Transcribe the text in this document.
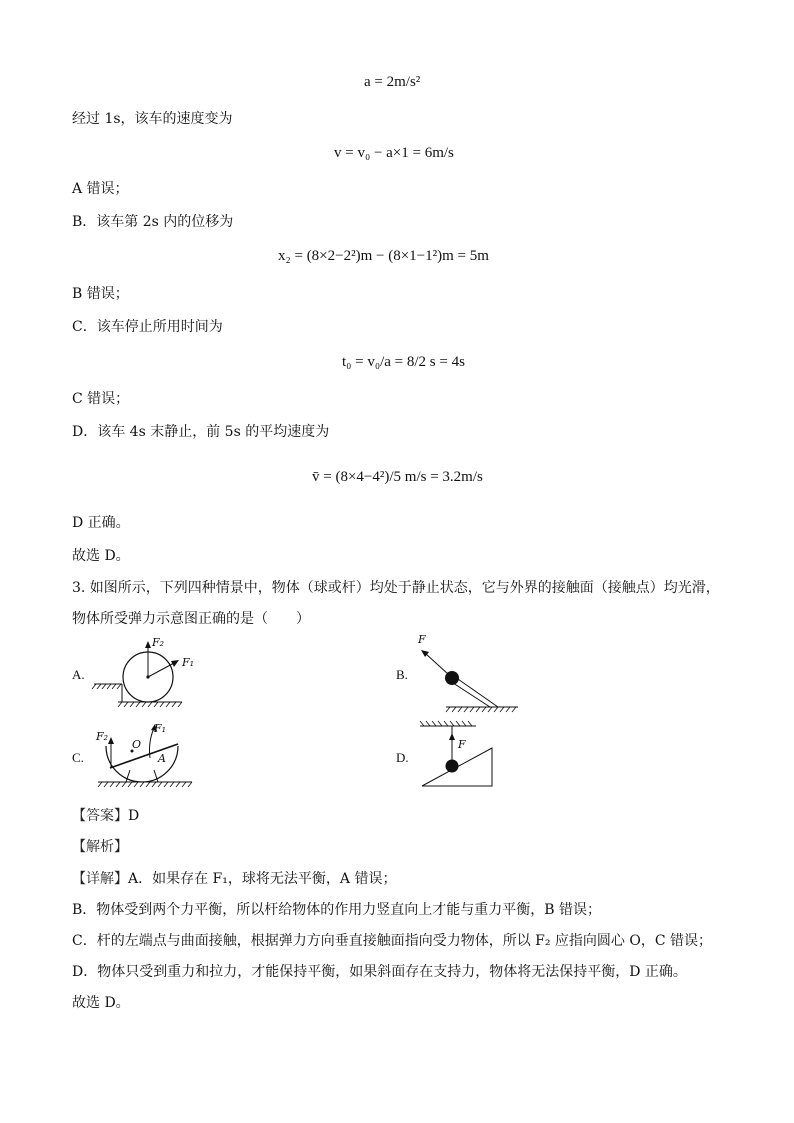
a = 2m/s²
经过 1s，该车的速度变为
v = v₀ − a×1 = 6m/s
A 错误；
B．该车第 2s 内的位移为
x₂ = (8×2−2²)m − (8×1−1²)m = 5m
B 错误；
C．该车停止所用时间为
t₀ = v₀/a = 8/2 s = 4s
C 错误；
D．该车 4s 末静止，前 5s 的平均速度为
v̄ = (8×4−4²)/5 m/s = 3.2m/s
D 正确。
故选 D。
3. 如图所示，下列四种情景中，物体（球或杆）均处于静止状态，它与外界的接触面（接触点）均光滑，
物体所受弹力示意图正确的是（　　）
A.	B.
C.	D.
F₂
F₁
F
F₂
F₁
O
A
F
【答案】D
【解析】
【详解】A．如果存在 F₁，球将无法平衡，A 错误；
B．物体受到两个力平衡，所以杆给物体的作用力竖直向上才能与重力平衡，B 错误；
C．杆的左端点与曲面接触，根据弹力方向垂直接触面指向受力物体，所以 F₂ 应指向圆心 O，C 错误；
D．物体只受到重力和拉力，才能保持平衡，如果斜面存在支持力，物体将无法保持平衡，D 正确。
故选 D。
